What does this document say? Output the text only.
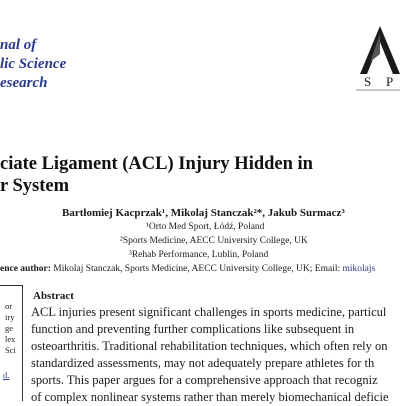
nal of
lic Science
esearch	S P
ciate Ligament (ACL) Injury Hidden in
r System
Bartłomiej Kacprzak¹, Mikolaj Stanczak²*, Jakub Surmacz³
¹Orto Med Sport, Łódź, Poland
²Sports Medicine, AECC University College, UK
³Rehab Performance, Lublin, Poland
ence author: Mikolaj Stanczak, Sports Medicine, AECC University College, UK; Email: mikolajs
or
iry
ge
lex
Sci
d.
Abstract
ACL injuries present significant challenges in sports medicine, particul
function and preventing further complications like subsequent in
osteoarthritis. Traditional rehabilitation techniques, which often rely on
standardized assessments, may not adequately prepare athletes for th
sports. This paper argues for a comprehensive approach that recogniz
of complex nonlinear systems rather than merely biomechanical deficie
